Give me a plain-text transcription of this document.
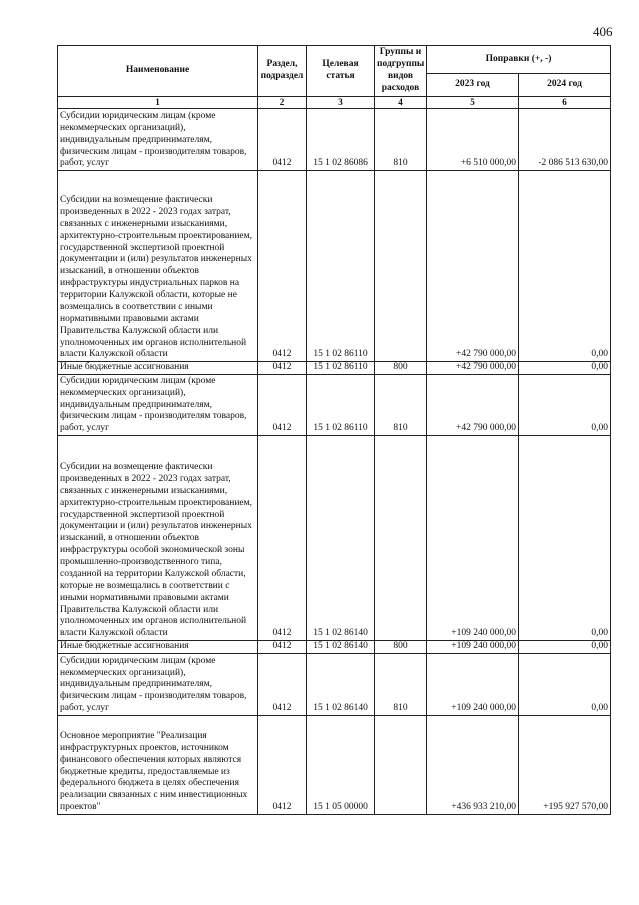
406
Наименование	Раздел, подраздел	Целевая статья	Группы и подгруппы видов расходов	Поправки (+, -)	
				2023 год	2024 год
1	2	3	4	5	6
Субсидии юридическим лицам (кроме некоммерческих организаций), индивидуальным предпринимателям, физическим лицам - производителям товаров, работ, услуг	0412	15 1 02 86086	810	+6 510 000,00	-2 086 513 630,00
Субсидии на возмещение фактически произведенных в 2022 - 2023 годах затрат, связанных с инженерными изысканиями, архитектурно-строительным проектированием, государственной экспертизой проектной документации и (или) результатов инженерных изысканий, в отношении объектов инфраструктуры индустриальных парков на территории Калужской области, которые не возмещались в соответствии с иными нормативными правовыми актами Правительства Калужской области или уполномоченных им органов исполнительной власти Калужской области	0412	15 1 02 86110		+42 790 000,00	0,00
Иные бюджетные ассигнования	0412	15 1 02 86110	800	+42 790 000,00	0,00
Субсидии юридическим лицам (кроме некоммерческих организаций), индивидуальным предпринимателям, физическим лицам - производителям товаров, работ, услуг	0412	15 1 02 86110	810	+42 790 000,00	0,00
Субсидии на возмещение фактически произведенных в 2022 - 2023 годах затрат, связанных с инженерными изысканиями, архитектурно-строительным проектированием, государственной экспертизой проектной документации и (или) результатов инженерных изысканий, в отношении объектов инфраструктуры особой экономической зоны промышленно-производственного типа, созданной на территории Калужской области, которые не возмещались в соответствии с иными нормативными правовыми актами Правительства Калужской области или уполномоченных им органов исполнительной власти Калужской области	0412	15 1 02 86140		+109 240 000,00	0,00
Иные бюджетные ассигнования	0412	15 1 02 86140	800	+109 240 000,00	0,00
Субсидии юридическим лицам (кроме некоммерческих организаций), индивидуальным предпринимателям, физическим лицам - производителям товаров, работ, услуг	0412	15 1 02 86140	810	+109 240 000,00	0,00
Основное мероприятие "Реализация инфраструктурных проектов, источником финансового обеспечения которых являются бюджетные кредиты, предоставляемые из федерального бюджета в целях обеспечения реализации связанных с ним инвестиционных проектов"	0412	15 1 05 00000		+436 933 210,00	+195 927 570,00
